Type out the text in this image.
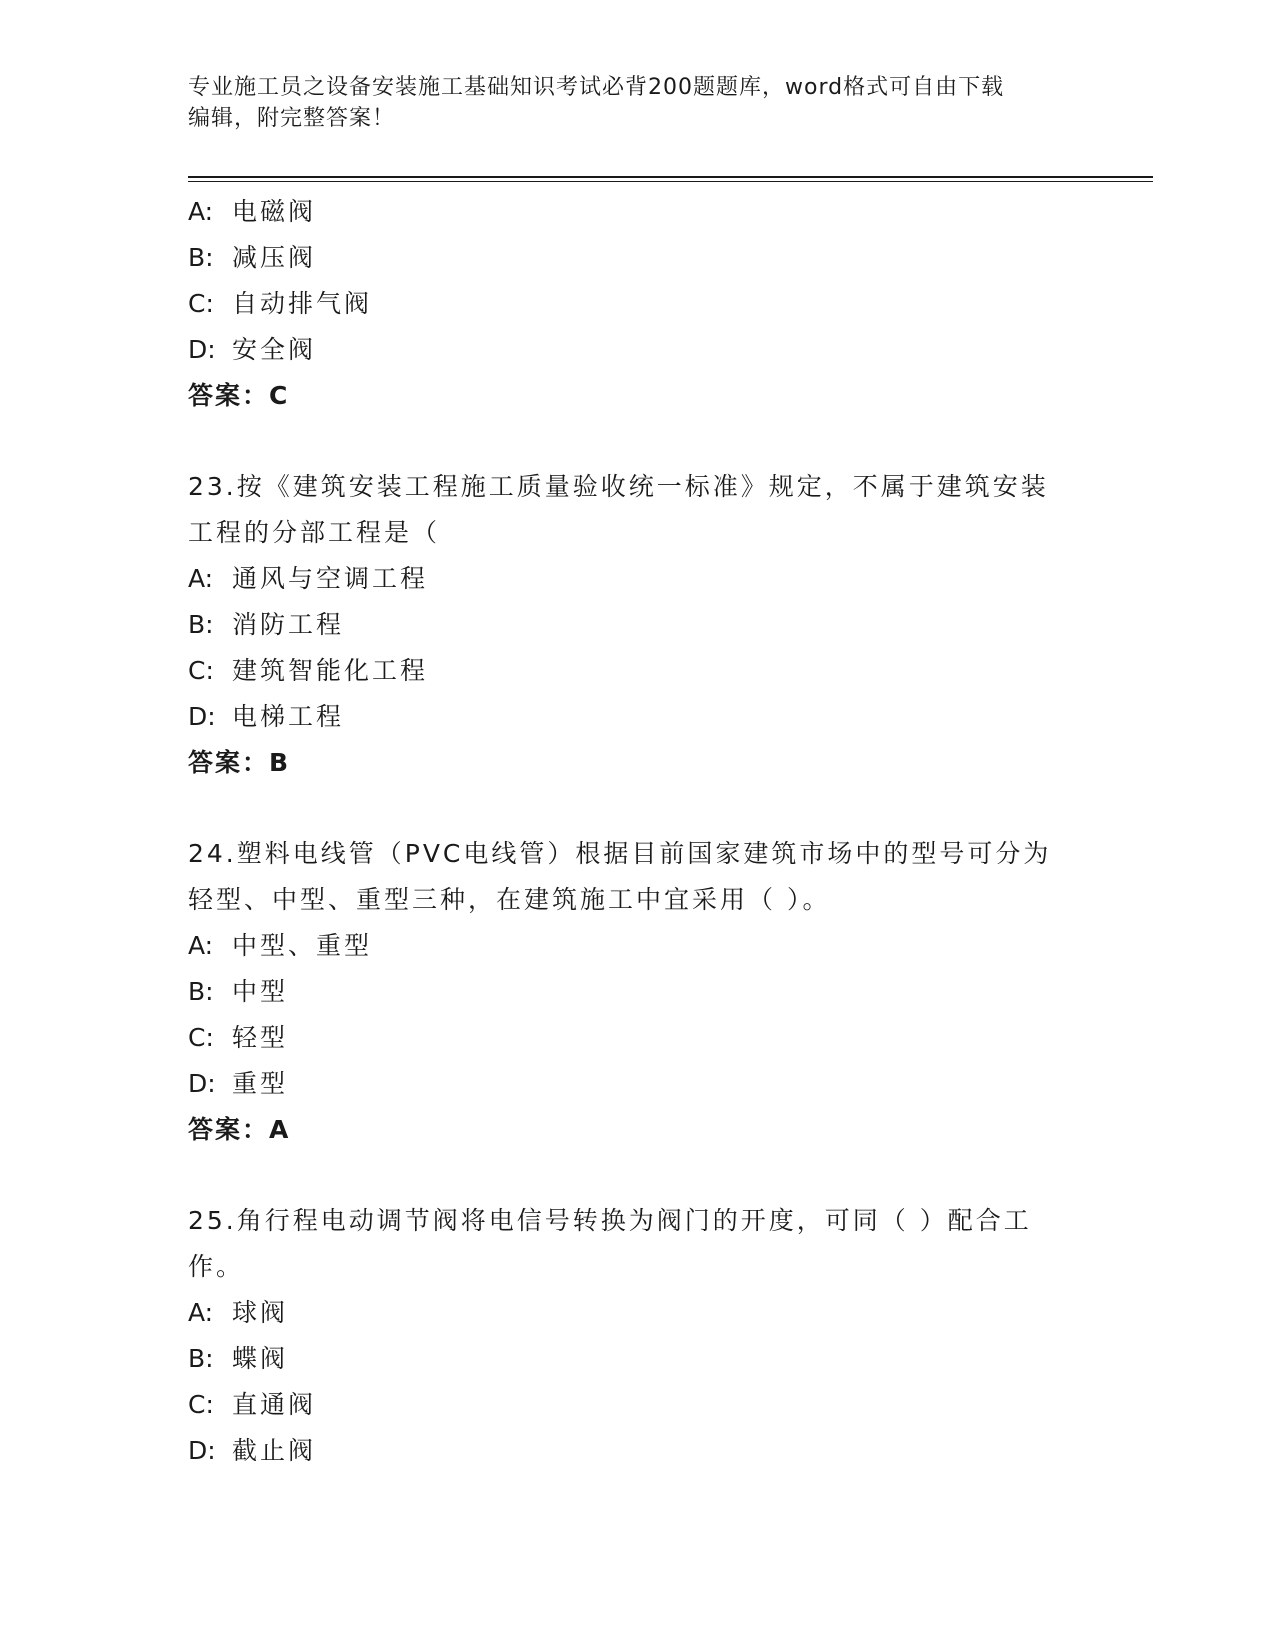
专业施工员之设备安装施工基础知识考试必背200题题库，word格式可自由下载
编辑，附完整答案！
A: 电磁阀
B: 减压阀
C: 自动排气阀
D: 安全阀
答案：C
23.按《建筑安装工程施工质量验收统一标准》规定，不属于建筑安装
工程的分部工程是（
A: 通风与空调工程
B: 消防工程
C: 建筑智能化工程
D: 电梯工程
答案：B
24.塑料电线管（PVC电线管）根据目前国家建筑市场中的型号可分为
轻型、中型、重型三种，在建筑施工中宜采用（ ）。
A: 中型、重型
B: 中型
C: 轻型
D: 重型
答案：A
25.角行程电动调节阀将电信号转换为阀门的开度，可同（ ）配合工
作。
A: 球阀
B: 蝶阀
C: 直通阀
D: 截止阀
